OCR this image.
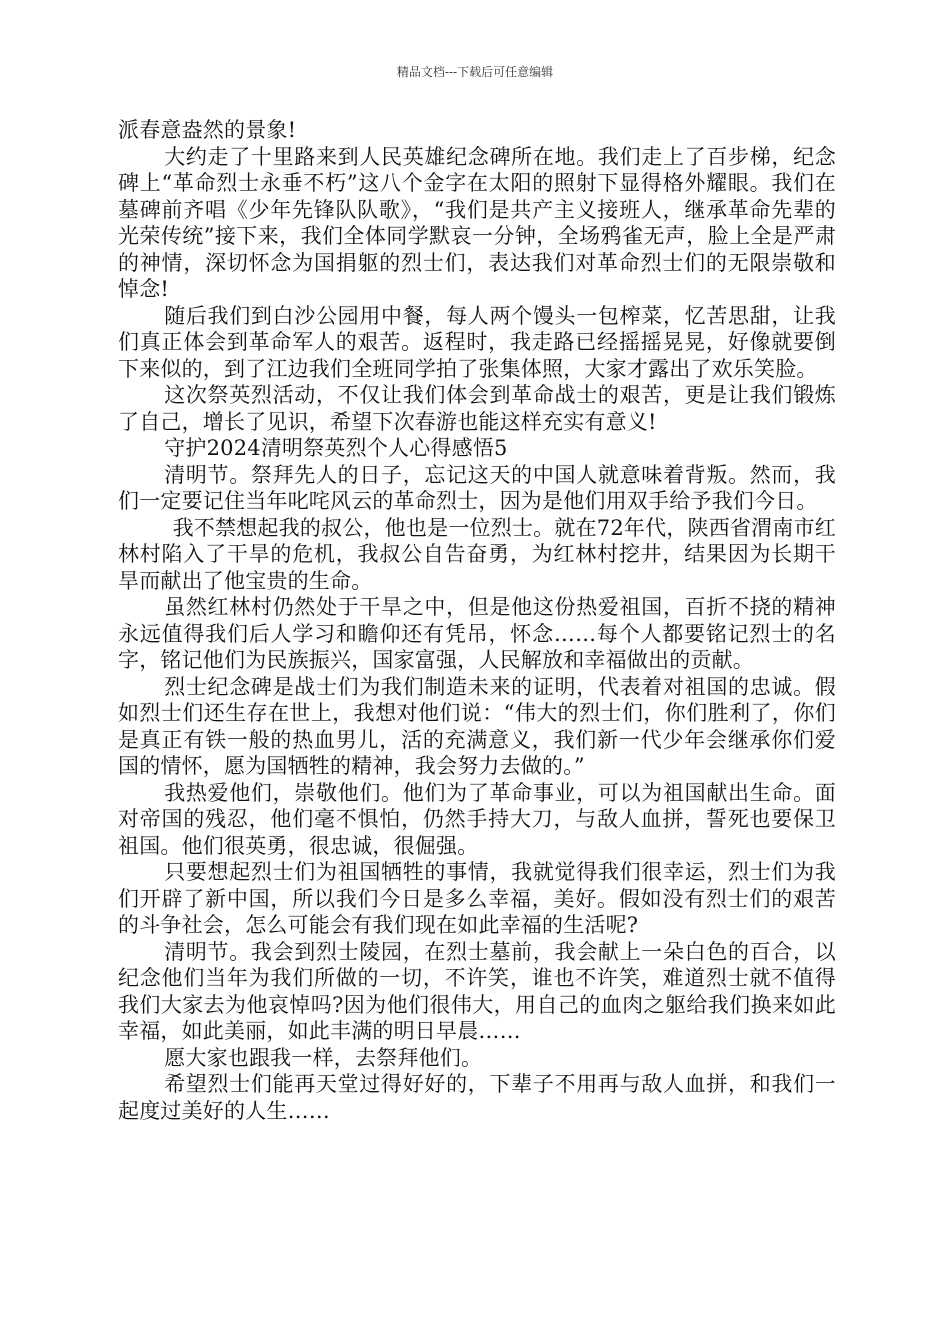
精品文档---下载后可任意编辑

派春意盎然的景象!

大约走了十里路来到人民英雄纪念碑所在地。我们走上了百步梯，纪念碑上“革命烈士永垂不朽”这八个金字在太阳的照射下显得格外耀眼。我们在墓碑前齐唱《少年先锋队队歌》，“我们是共产主义接班人，继承革命先辈的光荣传统”接下来，我们全体同学默哀一分钟，全场鸦雀无声，脸上全是严肃的神情，深切怀念为国捐躯的烈士们，表达我们对革命烈士们的无限崇敬和悼念!

随后我们到白沙公园用中餐，每人两个馒头一包榨菜，忆苦思甜，让我们真正体会到革命军人的艰苦。返程时，我走路已经摇摇晃晃，好像就要倒下来似的，到了江边我们全班同学拍了张集体照，大家才露出了欢乐笑脸。

这次祭英烈活动，不仅让我们体会到革命战士的艰苦，更是让我们锻炼了自己，增长了见识，希望下次春游也能这样充实有意义!

守护2024清明祭英烈个人心得感悟5

清明节。祭拜先人的日子，忘记这天的中国人就意味着背叛。然而，我们一定要记住当年叱咤风云的革命烈士，因为是他们用双手给予我们今日。

我不禁想起我的叔公，他也是一位烈士。就在72年代，陕西省渭南市红林村陷入了干旱的危机，我叔公自告奋勇，为红林村挖井，结果因为长期干旱而献出了他宝贵的生命。

虽然红林村仍然处于干旱之中，但是他这份热爱祖国，百折不挠的精神永远值得我们后人学习和瞻仰还有凭吊，怀念……每个人都要铭记烈士的名字，铭记他们为民族振兴，国家富强，人民解放和幸福做出的贡献。

烈士纪念碑是战士们为我们制造未来的证明，代表着对祖国的忠诚。假如烈士们还生存在世上，我想对他们说：“伟大的烈士们，你们胜利了，你们是真正有铁一般的热血男儿，活的充满意义，我们新一代少年会继承你们爱国的情怀，愿为国牺牲的精神，我会努力去做的。”

我热爱他们，崇敬他们。他们为了革命事业，可以为祖国献出生命。面对帝国的残忍，他们毫不惧怕，仍然手持大刀，与敌人血拼，誓死也要保卫祖国。他们很英勇，很忠诚，很倔强。

只要想起烈士们为祖国牺牲的事情，我就觉得我们很幸运，烈士们为我们开辟了新中国，所以我们今日是多么幸福，美好。假如没有烈士们的艰苦的斗争社会，怎么可能会有我们现在如此幸福的生活呢?

清明节。我会到烈士陵园，在烈士墓前，我会献上一朵白色的百合，以纪念他们当年为我们所做的一切，不许笑，谁也不许笑，难道烈士就不值得我们大家去为他哀悼吗?因为他们很伟大，用自己的血肉之躯给我们换来如此幸福，如此美丽，如此丰满的明日早晨……

愿大家也跟我一样，去祭拜他们。

希望烈士们能再天堂过得好好的，下辈子不用再与敌人血拼，和我们一起度过美好的人生……
